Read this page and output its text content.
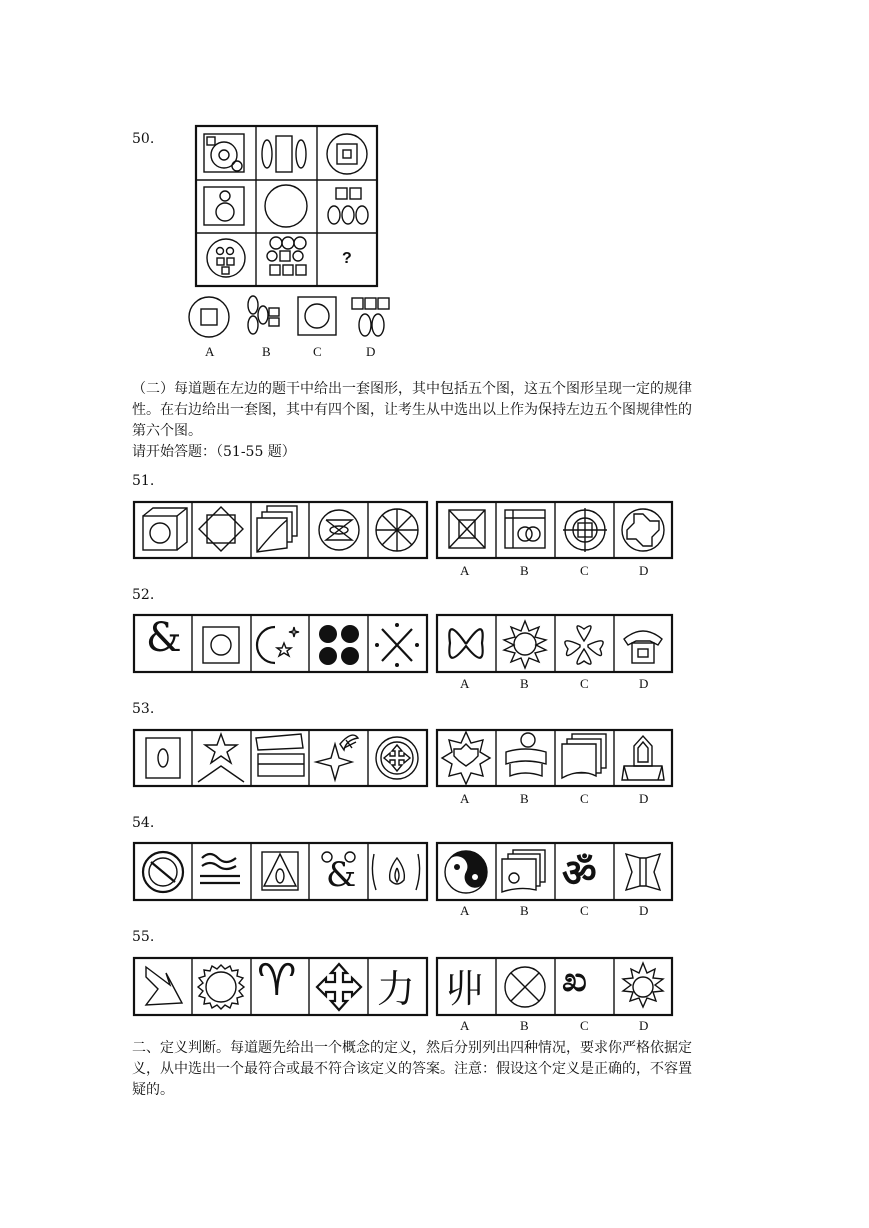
50.
?
A	B	C	D
（二）每道题在左边的题干中给出一套图形，其中包括五个图，这五个图形呈现一定的规律
性。在右边给出一套图，其中有四个图，让考生从中选出以上作为保持左边五个图规律性的
第六个图。
请开始答题：（51-55 题）
51.
A	B	C	D
52.
&
A	B	C	D
53.
A	B	C	D
54.
&	ॐ
A	B	C	D
55.
♈ 力 丱 ಖ
A	B	C	D
二、定义判断。每道题先给出一个概念的定义，然后分别列出四种情况，要求你严格依据定
义，从中选出一个最符合或最不符合该定义的答案。注意：假设这个定义是正确的，不容置
疑的。
